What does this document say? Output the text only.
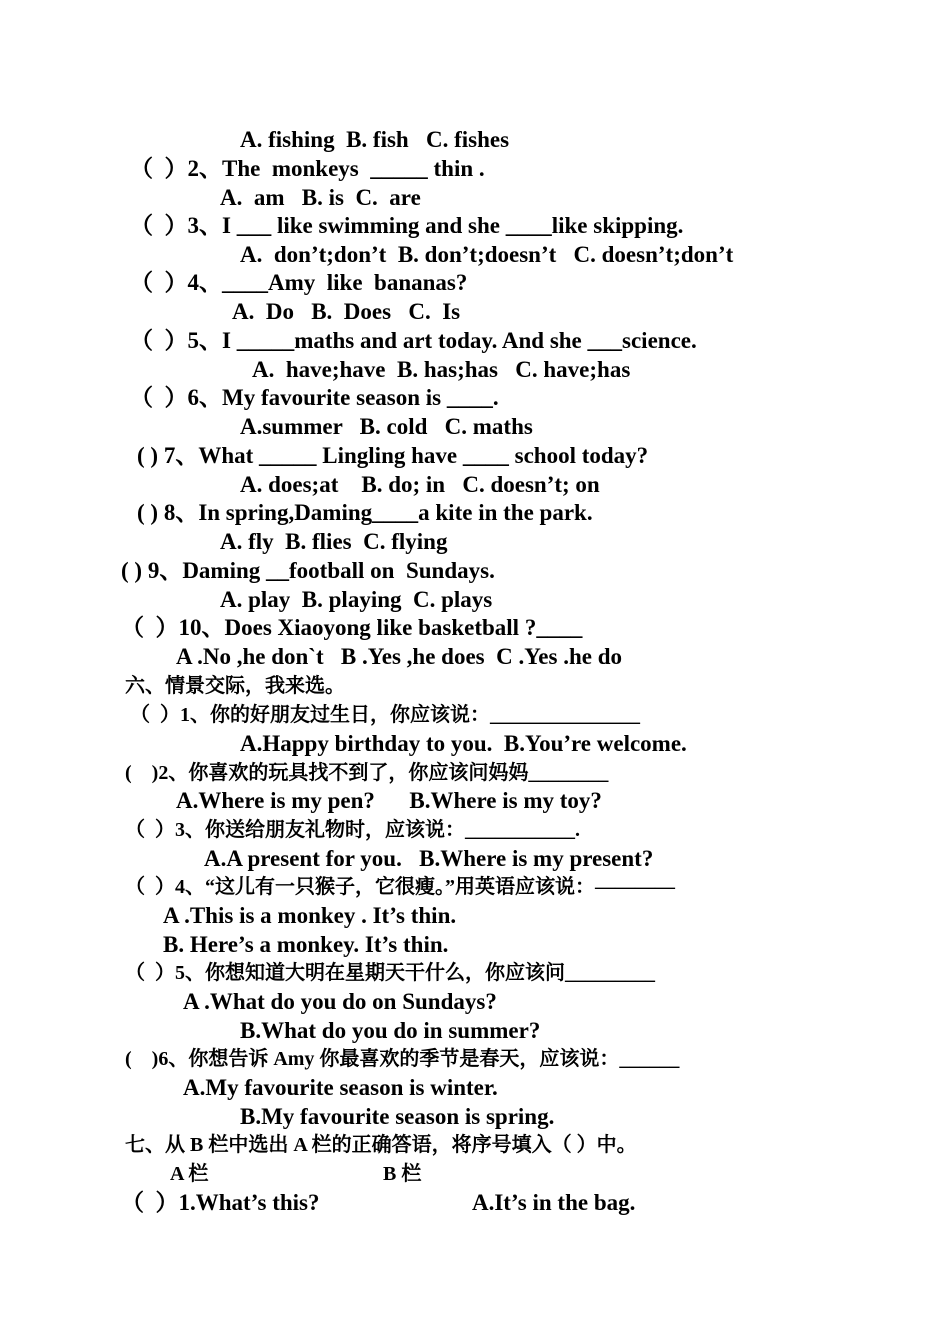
A. fishing  B. fish   C. fishes
（  ）2、The  monkeys  _____ thin .
A.  am   B. is  C.  are
（  ）3、I ___ like swimming and she ____like skipping.
A.  don’t;don’t  B. don’t;doesn’t   C. doesn’t;don’t
（  ）4、____Amy  like  bananas?
A.  Do   B.  Does   C.  Is
（  ）5、I _____maths and art today. And she ___science.
A.  have;have  B. has;has   C. have;has
（  ）6、My favourite season is ____.
A.summer   B. cold   C. maths
( ) 7、What _____ Lingling have ____ school today?
A. does;at    B. do; in   C. doesn’t; on
( ) 8、In spring,Daming____a kite in the park.
A. fly  B. flies  C. flying
( ) 9、Daming __football on  Sundays.
A. play  B. playing  C. plays
（  ）10、Does Xiaoyong like basketball ?____
A .No ,he don`t   B .Yes ,he does  C .Yes .he do
六、情景交际，我来选。
（  ）1、你的好朋友过生日，你应该说：_______________
A.Happy birthday to you.  B.You’re welcome.
(    )2、你喜欢的玩具找不到了，你应该问妈妈________
A.Where is my pen?      B.Where is my toy?
（  ）3、你送给朋友礼物时，应该说：___________.
A.A present for you.   B.Where is my present?
（  ）4、“这儿有一只猴子，它很瘦。”用英语应该说：————
A .This is a monkey . It’s thin.
B. Here’s a monkey. It’s thin.
（  ）5、你想知道大明在星期天干什么，你应该问_________
A .What do you do on Sundays?
B.What do you do in summer?
(    )6、你想告诉 Amy 你最喜欢的季节是春天，应该说：______
A.My favourite season is winter.
B.My favourite season is spring.
七、从 B 栏中选出 A 栏的正确答语，将序号填入（ ）中。
A 栏	B 栏
（  ）1.What’s this?	A.It’s in the bag.
